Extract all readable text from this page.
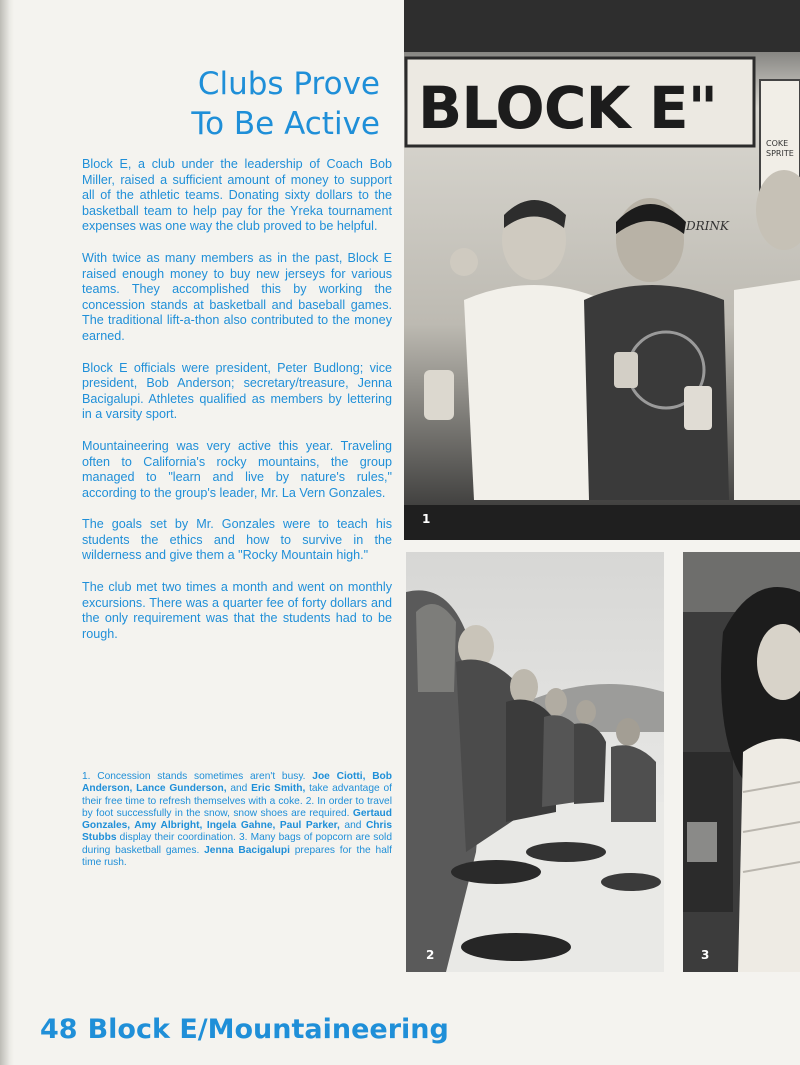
Clubs Prove
To Be Active

Block E, a club under the leadership of Coach Bob Miller, raised a sufficient amount of money to support all of the athletic teams. Donating sixty dollars to the basketball team to help pay for the Yreka tournament expenses was one way the club proved to be helpful.

With twice as many members as in the past, Block E raised enough money to buy new jerseys for various teams. They accomplished this by working the concession stands at basketball and baseball games. The traditional lift-a-thon also contributed to the money earned.

Block E officials were president, Peter Budlong; vice president, Bob Anderson; secretary/treasure, Jenna Bacigalupi. Athletes qualified as members by lettering in a varsity sport.

Mountaineering was very active this year. Traveling often to California's rocky mountains, the group managed to "learn and live by nature's rules," according to the group's leader, Mr. La Vern Gonzales.

The goals set by Mr. Gonzales were to teach his students the ethics and how to survive in the wilderness and give them a "Rocky Mountain high."

The club met two times a month and went on monthly excursions. There was a quarter fee of forty dollars and the only requirement was that the students had to be rough.

1. Concession stands sometimes aren't busy. Joe Ciotti, Bob Anderson, Lance Gunderson, and Eric Smith, take advantage of their free time to refresh themselves with a coke. 2. In order to travel by foot successfully in the snow, snow shoes are required. Gertaud Gonzales, Amy Albright, Ingela Gahne, Paul Parker, and Chris Stubbs display their coordination. 3. Many bags of popcorn are sold during basketball games. Jenna Bacigalupi prepares for the half time rush.
BLOCK E"
COKE
SPRITE
DRINK
1
2	3
48 Block E/Mountaineering
